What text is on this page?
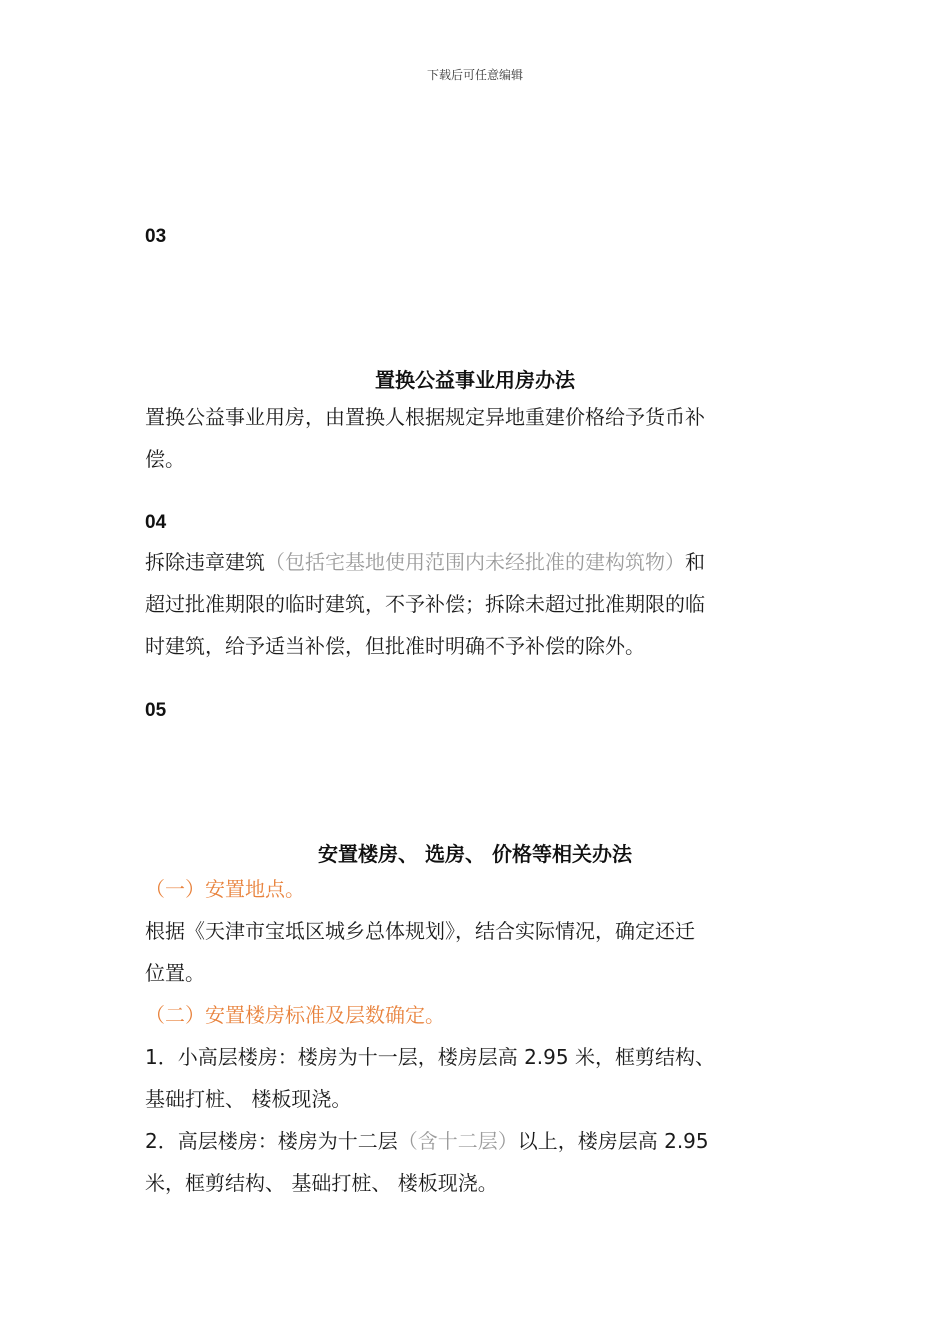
下载后可任意编辑
03
置换公益事业用房办法
置换公益事业用房，由置换人根据规定异地重建价格给予货币补
偿。
04
拆除违章建筑（包括宅基地使用范围内未经批准的建构筑物）和
超过批准期限的临时建筑，不予补偿；拆除未超过批准期限的临
时建筑，给予适当补偿，但批准时明确不予补偿的除外。
05
安置楼房、 选房、 价格等相关办法
（一）安置地点。
根据《天津市宝坻区城乡总体规划》，结合实际情况，确定还迁
位置。
（二）安置楼房标准及层数确定。
1．小高层楼房：楼房为十一层，楼房层高 2.95 米，框剪结构、
基础打桩、 楼板现浇。
2．高层楼房：楼房为十二层（含十二层）以上，楼房层高 2.95
米，框剪结构、 基础打桩、 楼板现浇。
